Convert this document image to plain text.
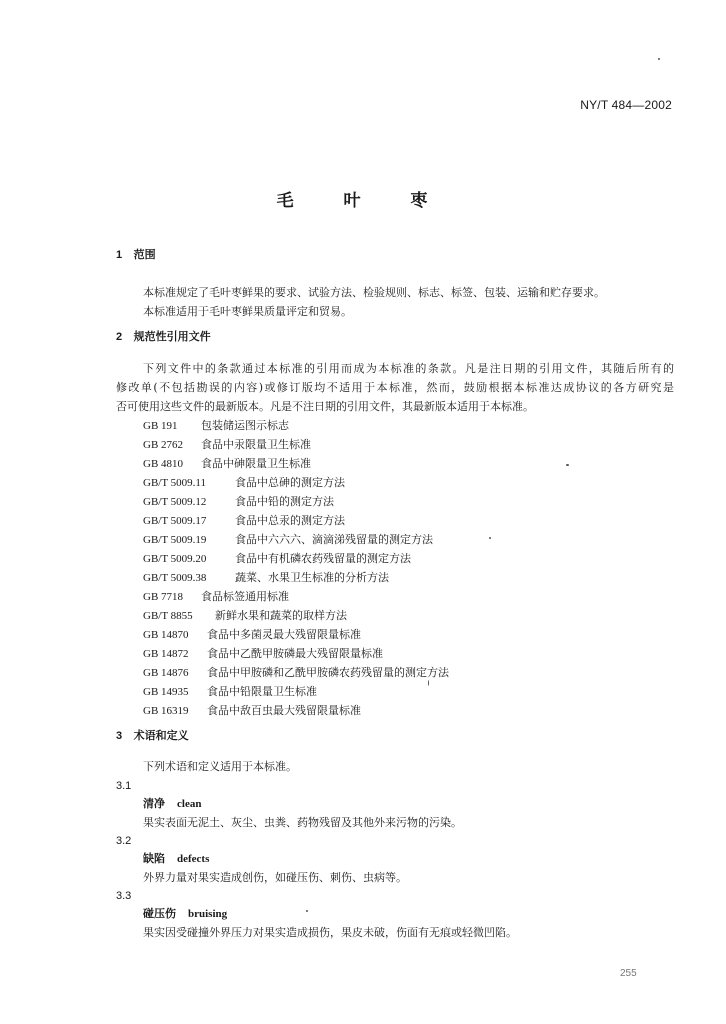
NY/T 484—2002
毛 叶 枣
1 范围
本标准规定了毛叶枣鲜果的要求、试验方法、检验规则、标志、标签、包装、运输和贮存要求。
本标准适用于毛叶枣鲜果质量评定和贸易。
2 规范性引用文件
下列文件中的条款通过本标准的引用而成为本标准的条款。凡是注日期的引用文件，其随后所有的
修改单(不包括勘误的内容)或修订版均不适用于本标准，然而，鼓励根据本标准达成协议的各方研究是
否可使用这些文件的最新版本。凡是不注日期的引用文件，其最新版本适用于本标准。
GB 191 包装储运图示标志
GB 2762 食品中汞限量卫生标准
GB 4810 食品中砷限量卫生标准
GB/T 5009.11	食品中总砷的测定方法
GB/T 5009.12	食品中铅的测定方法
GB/T 5009.17	食品中总汞的测定方法
GB/T 5009.19	食品中六六六、滴滴涕残留量的测定方法
GB/T 5009.20	食品中有机磷农药残留量的测定方法
GB/T 5009.38	蔬菜、水果卫生标准的分析方法
GB 7718 食品标签通用标准
GB/T 8855 新鲜水果和蔬菜的取样方法
GB 14870 食品中多菌灵最大残留限量标准
GB 14872 食品中乙酰甲胺磷最大残留限量标准
GB 14876 食品中甲胺磷和乙酰甲胺磷农药残留量的测定方法
GB 14935 食品中铅限量卫生标准
GB 16319 食品中敌百虫最大残留限量标准
3 术语和定义
下列术语和定义适用于本标准。
3.1
清净 clean
果实表面无泥土、灰尘、虫粪、药物残留及其他外来污物的污染。
3.2
缺陷 defects
外界力量对果实造成创伤，如碰压伤、刺伤、虫病等。
3.3
碰压伤 bruising
果实因受碰撞外界压力对果实造成损伤，果皮未破，伤面有无痕或轻微凹陷。
255
